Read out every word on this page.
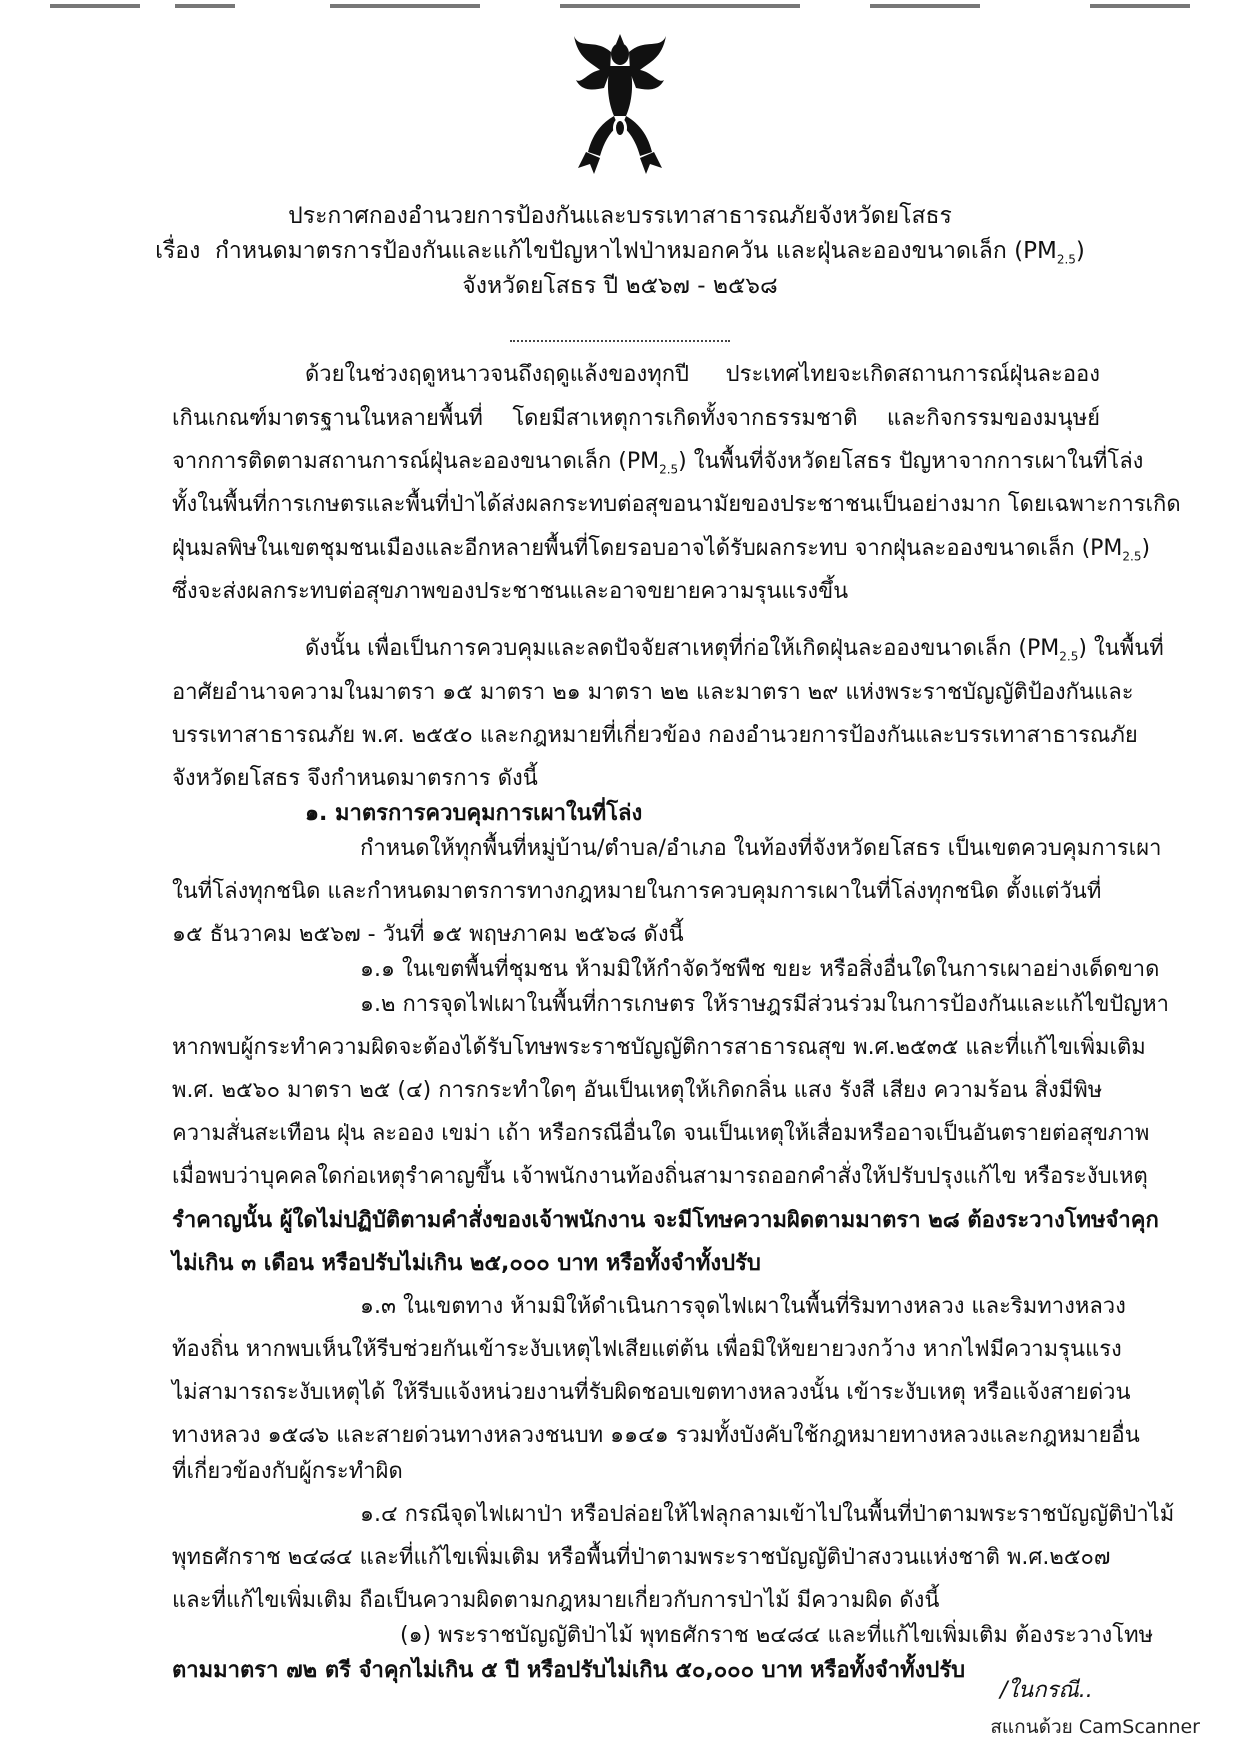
ประกาศกองอำนวยการป้องกันและบรรเทาสาธารณภัยจังหวัดยโสธร
เรื่อง กำหนดมาตรการป้องกันและแก้ไขปัญหาไฟป่าหมอกควัน และฝุ่นละอองขนาดเล็ก $(PM_{2.5})$
จังหวัดยโสธร ปี ๒๕๖๗ - ๒๕๖๘
ด้วยในช่วงฤดูหนาวจนถึงฤดูแล้งของทุกปี ประเทศไทยจะเกิดสถานการณ์ฝุ่นละออง
เกินเกณฑ์มาตรฐานในหลายพื้นที่ โดยมีสาเหตุการเกิดทั้งจากธรรมชาติ และกิจกรรมของมนุษย์
จากการติดตามสถานการณ์ฝุ่นละอองขนาดเล็ก $(PM_{2.5})$ ในพื้นที่จังหวัดยโสธร ปัญหาจากการเผาในที่โล่ง
ทั้งในพื้นที่การเกษตรและพื้นที่ป่าได้ส่งผลกระทบต่อสุขอนามัยของประชาชนเป็นอย่างมาก โดยเฉพาะการเกิด
ฝุ่นมลพิษในเขตชุมชนเมืองและอีกหลายพื้นที่โดยรอบอาจได้รับผลกระทบ จากฝุ่นละอองขนาดเล็ก $(PM_{2.5})$
ซึ่งจะส่งผลกระทบต่อสุขภาพของประชาชนและอาจขยายความรุนแรงขึ้น
ดังนั้น เพื่อเป็นการควบคุมและลดปัจจัยสาเหตุที่ก่อให้เกิดฝุ่นละอองขนาดเล็ก $(PM_{2.5})$ ในพื้นที่
อาศัยอำนาจความในมาตรา ๑๕ มาตรา ๒๑ มาตรา ๒๒ และมาตรา ๒๙ แห่งพระราชบัญญัติป้องกันและ
บรรเทาสาธารณภัย พ.ศ. ๒๕๕๐ และกฎหมายที่เกี่ยวข้อง กองอำนวยการป้องกันและบรรเทาสาธารณภัย
จังหวัดยโสธร จึงกำหนดมาตรการ ดังนี้
๑. มาตรการควบคุมการเผาในที่โล่ง
กำหนดให้ทุกพื้นที่หมู่บ้าน/ตำบล/อำเภอ ในท้องที่จังหวัดยโสธร เป็นเขตควบคุมการเผา
ในที่โล่งทุกชนิด และกำหนดมาตรการทางกฎหมายในการควบคุมการเผาในที่โล่งทุกชนิด ตั้งแต่วันที่
๑๕ ธันวาคม ๒๕๖๗ - วันที่ ๑๕ พฤษภาคม ๒๕๖๘ ดังนี้
๑.๑ ในเขตพื้นที่ชุมชน ห้ามมิให้กำจัดวัชพืช ขยะ หรือสิ่งอื่นใดในการเผาอย่างเด็ดขาด
๑.๒ การจุดไฟเผาในพื้นที่การเกษตร ให้ราษฎรมีส่วนร่วมในการป้องกันและแก้ไขปัญหา
หากพบผู้กระทำความผิดจะต้องได้รับโทษพระราชบัญญัติการสาธารณสุข พ.ศ.๒๕๓๕ และที่แก้ไขเพิ่มเติม
พ.ศ. ๒๕๖๐ มาตรา ๒๕ (๔) การกระทำใดๆ อันเป็นเหตุให้เกิดกลิ่น แสง รังสี เสียง ความร้อน สิ่งมีพิษ
ความสั่นสะเทือน ฝุ่น ละออง เขม่า เถ้า หรือกรณีอื่นใด จนเป็นเหตุให้เสื่อมหรืออาจเป็นอันตรายต่อสุขภาพ
เมื่อพบว่าบุคคลใดก่อเหตุรำคาญขึ้น เจ้าพนักงานท้องถิ่นสามารถออกคำสั่งให้ปรับปรุงแก้ไข หรือระงับเหตุ
รำคาญนั้น ผู้ใดไม่ปฏิบัติตามคำสั่งของเจ้าพนักงาน จะมีโทษความผิดตามมาตรา ๒๘ ต้องระวางโทษจำคุก
ไม่เกิน ๓ เดือน หรือปรับไม่เกิน ๒๕,๐๐๐ บาท หรือทั้งจำทั้งปรับ
๑.๓ ในเขตทาง ห้ามมิให้ดำเนินการจุดไฟเผาในพื้นที่ริมทางหลวง และริมทางหลวง
ท้องถิ่น หากพบเห็นให้รีบช่วยกันเข้าระงับเหตุไฟเสียแต่ต้น เพื่อมิให้ขยายวงกว้าง หากไฟมีความรุนแรง
ไม่สามารถระงับเหตุได้ ให้รีบแจ้งหน่วยงานที่รับผิดชอบเขตทางหลวงนั้น เข้าระงับเหตุ หรือแจ้งสายด่วน
ทางหลวง ๑๕๘๖ และสายด่วนทางหลวงชนบท ๑๑๔๑ รวมทั้งบังคับใช้กฎหมายทางหลวงและกฎหมายอื่น
ที่เกี่ยวข้องกับผู้กระทำผิด
๑.๔ กรณีจุดไฟเผาป่า หรือปล่อยให้ไฟลุกลามเข้าไปในพื้นที่ป่าตามพระราชบัญญัติป่าไม้
พุทธศักราช ๒๔๘๔ และที่แก้ไขเพิ่มเติม หรือพื้นที่ป่าตามพระราชบัญญัติป่าสงวนแห่งชาติ พ.ศ.๒๕๐๗
และที่แก้ไขเพิ่มเติม ถือเป็นความผิดตามกฎหมายเกี่ยวกับการป่าไม้ มีความผิด ดังนี้
(๑) พระราชบัญญัติป่าไม้ พุทธศักราช ๒๔๘๔ และที่แก้ไขเพิ่มเติม ต้องระวางโทษ
ตามมาตรา ๗๒ ตรี จำคุกไม่เกิน ๕ ปี หรือปรับไม่เกิน ๕๐,๐๐๐ บาท หรือทั้งจำทั้งปรับ
/ในกรณี..
สแกนด้วย CamScanner
